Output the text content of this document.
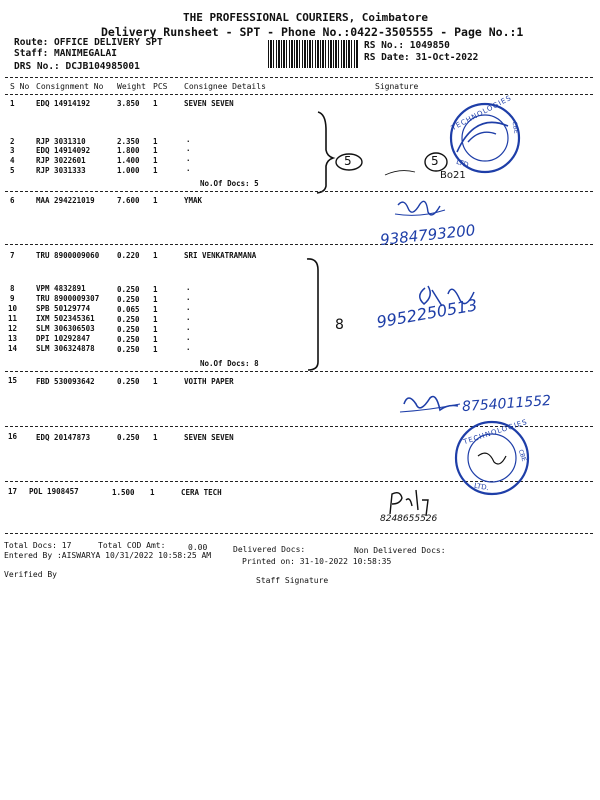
THE PROFESSIONAL COURIERS, Coimbatore
Delivery Runsheet - SPT - Phone No.:0422-3505555 - Page No.:1
Route: OFFICE DELIVERY SPT
Staff: MANIMEGALAI
DRS No.: DCJB104985001
RS No.: 1049850
RS Date: 31-Oct-2022
S No Consignment No Weight PCS Consignee Details	Signature
1	EDQ 14914192	3.850 1	SEVEN SEVEN
2	RJP 3031310	2.350 1	.
3	EDQ 14914092	1.800 1	.
4	RJP 3022601	1.400 1	.
5	RJP 3031333	1.000 1	.
No.Of Docs: 5
5
6	MAA 294221019	7.600 1	YMAK
7	TRU 8900009060 0.220 1	SRI VENKATRAMANA
8	VPM 4832891	0.250 1	.
9	TRU 8900009307 0.250 1	.
10	SPB 50129774	0.065 1	.
11	IXM 502345361	0.250 1	.
12	SLM 306306503	0.250 1	.
13	DPI 10292847	0.250 1	.
14	SLM 306324878	0.250 1	.
No.Of Docs: 8
8
15	FBD 530093642	0.250 1	VOITH PAPER
16	EDQ 20147873	0.250 1	SEVEN SEVEN
17 POL 1908457	1.500 1	CERA TECH
TECHNOLOGIES
LTD.
CBE
5
Bo21
9384793200
9952250513
8754011552
TECHNOLOGIES
LTD.
CBE
8248655526
Total Docs: 17	Total COD Amt:	0.00	Delivered Docs:	Non Delivered Docs:
Entered By :AISWARYA 10/31/2022 10:58:25 AM
Printed on: 31-10-2022 10:58:35
Verified By
Staff Signature
